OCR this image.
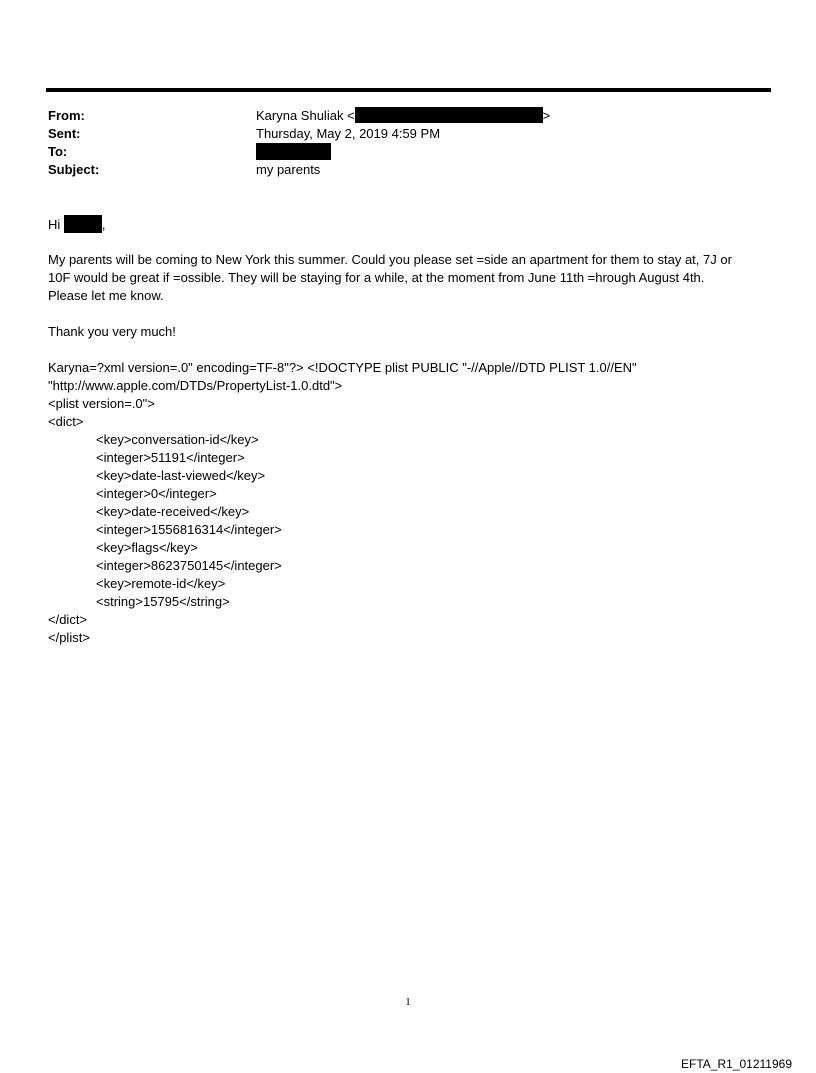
From:	Karyna Shuliak <	>
Sent:	Thursday, May 2, 2019 4:59 PM
To:
Subject:	my parents
Hi	,
My parents will be coming to New York this summer. Could you please set =side an apartment for them to stay at, 7J or
10F would be great if =ossible. They will be staying for a while, at the moment from June 11th =hrough August 4th.
Please let me know.
Thank you very much!
Karyna=?xml version=.0" encoding=TF-8"?> <!DOCTYPE plist PUBLIC "-//Apple//DTD PLIST 1.0//EN"
"http://www.apple.com/DTDs/PropertyList-1.0.dtd">
<plist version=.0">
<dict>
<key>conversation-id</key>
<integer>51191</integer>
<key>date-last-viewed</key>
<integer>0</integer>
<key>date-received</key>
<integer>1556816314</integer>
<key>flags</key>
<integer>8623750145</integer>
<key>remote-id</key>
<string>15795</string>
</dict>
</plist>
1
EFTA_R1_01211969
